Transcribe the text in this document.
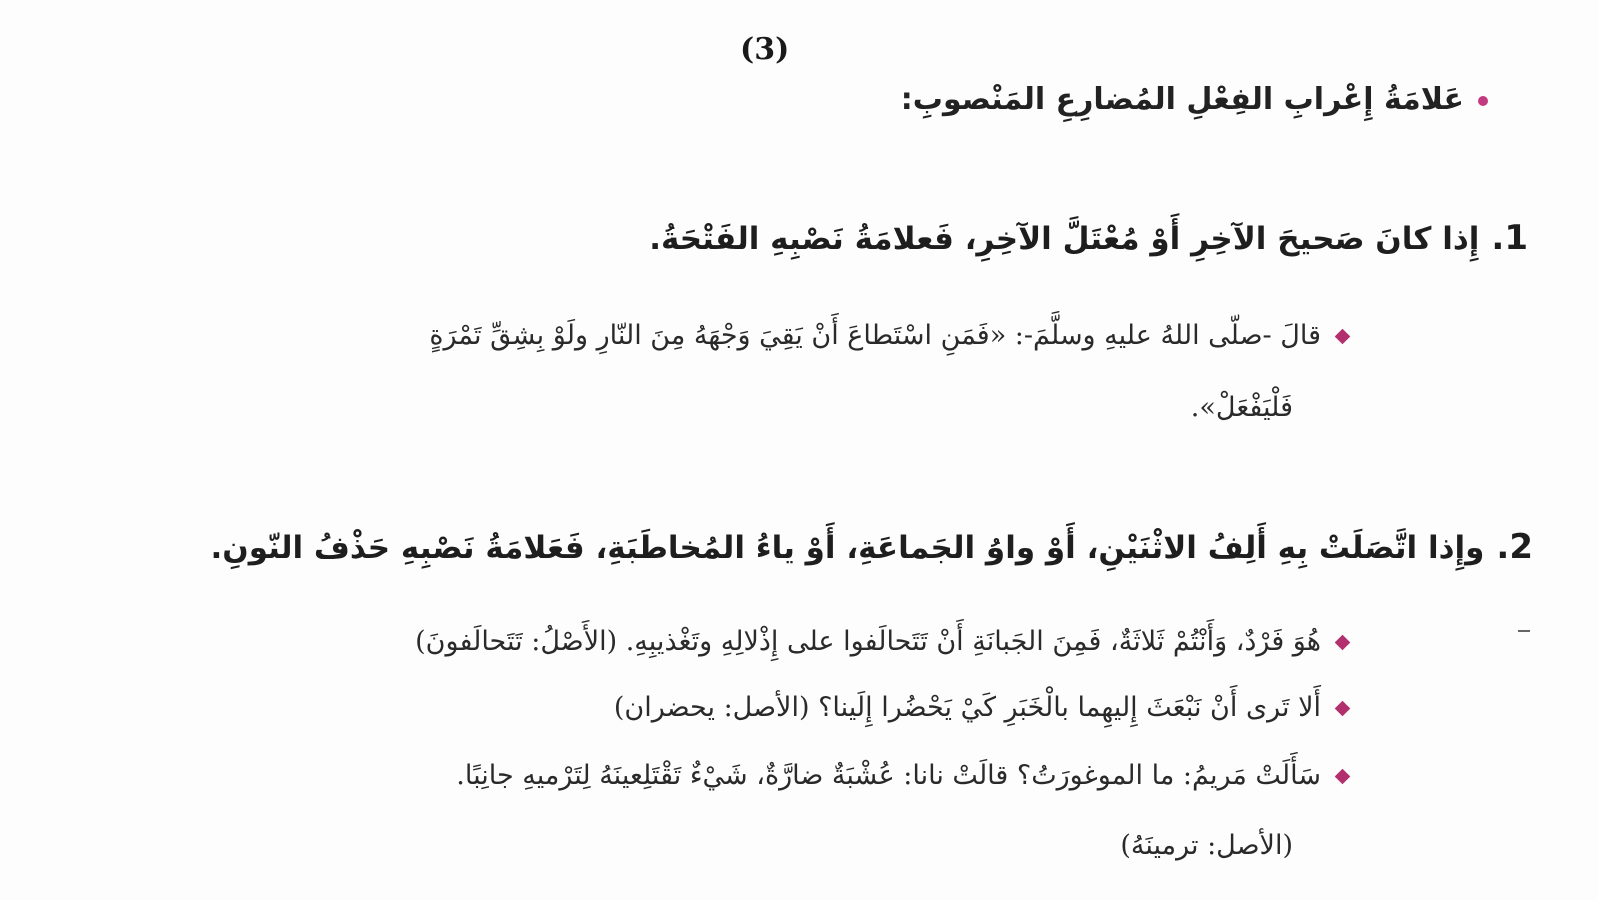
(3)
عَلامَةُ إِعْرابِ الفِعْلِ المُضارِعِ المَنْصوبِ:
1.إِذا كانَ صَحيحَ الآخِرِ أَوْ مُعْتَلَّ الآخِرِ، فَعلامَةُ نَصْبِهِ الفَتْحَةُ.
قالَ -صلّى اللهُ عليهِ وسلَّمَ-: «فَمَنِ اسْتَطاعَ أَنْ يَقِيَ وَجْهَهُ مِنَ النّارِ ولَوْ بِشِقِّ تَمْرَةٍ
فَلْيَفْعَلْ».
2.وإِذا اتَّصَلَتْ بِهِ أَلِفُ الاثْنَيْنِ، أَوْ واوُ الجَماعَةِ، أَوْ ياءُ المُخاطَبَةِ، فَعَلامَةُ نَصْبِهِ حَذْفُ النّونِ.
هُوَ فَرْدٌ، وَأَنْتُمْ ثَلاثَةٌ، فَمِنَ الجَبانَةِ أَنْ تَتَحالَفوا على إِذْلالِهِ وتَغْذيبِهِ. (الأَصْلُ: تَتَحالَفونَ)
أَلا تَرى أَنْ نَبْعَثَ إِليهِما بالْخَبَرِ كَيْ يَحْضُرا إِلَينا؟ (الأصل: يحضران)
سَأَلَتْ مَريمُ: ما الموغورَتُ؟ قالَتْ نانا: عُشْبَةٌ ضارَّةٌ، شَيْءٌ تَقْتَلِعينَهُ لِتَرْميهِ جانِبًا.
(الأصل: ترمينَهُ)
